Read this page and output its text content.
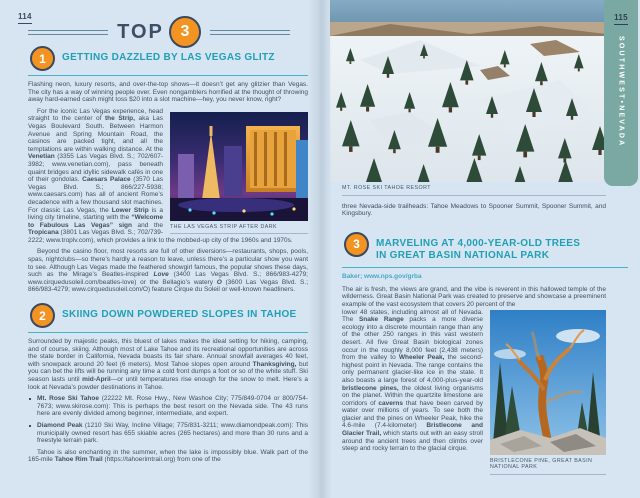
114
TOP	3
1	GETTING DAZZLED BY LAS VEGAS GLITZ
Flashing neon, luxury resorts, and over-the-top shows—it doesn’t get any glitzier than Vegas. The city has a way of winning people over. Even nongamblers horrified at the thought of throwing away hard-earned cash might toss $20 into a slot machine—hey, you never know, right?
THE LAS VEGAS STRIP AFTER DARK
For the iconic Las Vegas experience, head straight to the center of the Strip, aka Las Vegas Boulevard South. Between Harmon Avenue and Spring Mountain Road, the casinos are packed tight, and all the temptations are within walking distance. At the Venetian (3355 Las Vegas Blvd. S.; 702/607-3982; www.venetian.com), pass beneath quaint bridges and idyllic sidewalk cafés in one of their gondolas. Caesars Palace (3570 Las Vegas Blvd. S.; 866/227-5938; www.caesars.com) has all of ancient Rome’s decadence with a few thousand slot machines. For classic Las Vegas, the Lower Strip is a living city timeline, starting with the “Welcome to Fabulous Las Vegas” sign and the Tropicana (3801 Las Vegas Blvd. S.; 702/739-2222; www.troplv.com), which provides a link to the mobbed-up city of the 1960s and 1970s.
Beyond the casino floor, most resorts are full of other diversions—restaurants, shops, pools, spas, nightclubs—so there’s hardly a reason to leave, unless there’s a particular show you want to see. Although Las Vegas made the feathered showgirl famous, the popular shows these days, such as the Mirage’s Beatles-inspired Love (3400 Las Vegas Blvd. S.; 866/983-4279; www.cirquedusoleil.com/beatles-love) or the Bellagio’s watery O (3600 Las Vegas Blvd. S.; 866/983-4279; www.cirquedusoleil.com/O) feature Cirque du Soleil or well-known headliners.
2	SKIING DOWN POWDERED SLOPES IN TAHOE
Surrounded by majestic peaks, this bluest of lakes makes the ideal setting for hiking, camping, and of course, skiing. Although most of Lake Tahoe and its recreational opportunities are across the state border in California, Nevada boasts its fair share. Annual snowfall averages 40 feet, with snowpack around 20 feet (6 meters). Most Tahoe slopes open around Thanksgiving, but you can bet the lifts will be running any time a cold front dumps a foot or so of the white stuff. Ski season lasts until mid-April—or until temperatures rise enough for the snow to melt. Here’s a look at Nevada’s powder destinations in Tahoe.
Mt. Rose Ski Tahoe (22222 Mt. Rose Hwy., New Washoe City; 775/849-0704 or 800/754-7673; www.skirose.com): This is perhaps the best resort on the Nevada side. The 43 runs here are evenly divided among beginner, intermediate, and expert.
Diamond Peak (1210 Ski Way, Incline Village; 775/831-3211; www.diamondpeak.com): This municipally owned resort has 655 skiable acres (265 hectares) and more than 30 runs and a freestyle terrain park.
Tahoe is also enchanting in the summer, when the lake is impossibly blue. Walk part of the 165-mile Tahoe Rim Trail (https://tahoerimtrail.org) from one of the
MT. ROSE SKI TAHOE RESORT
three Nevada-side trailheads: Tahoe Meadows to Spooner Summit, Spooner Summit, and Kingsbury.
3	MARVELING AT 4,000-YEAR-OLD TREES IN GREAT BASIN NATIONAL PARK
Baker; www.nps.gov/grba
The air is fresh, the views are grand, and the vibe is reverent in this hallowed temple of the wilderness. Great Basin National Park was created to preserve and showcase a preeminent example of the vast ecosystem that covers 20 percent of the
BRISTLECONE PINE, GREAT BASIN NATIONAL PARK
lower 48 states, including almost all of Nevada. The Snake Range packs a more diverse ecology into a discrete mountain range than any of the other 250 ranges in this vast western desert. All five Great Basin biological zones occur in the roughly 8,000 feet (2,438 meters) from the valley to Wheeler Peak, the second-highest point in Nevada. The range contains the only permanent glacier-like ice in the state. It also boasts a large forest of 4,000-plus-year-old bristlecone pines, the oldest living organisms on the planet. Within the quartzite limestone are corridors of caverns that have been carved by water over millions of years. To see both the glacier and the pines on Wheeler Peak, hike the 4.6-mile (7.4-kilometer) Bristlecone and Glacier Trail, which starts out with an easy stroll around the ancient trees and then climbs over steep and rocky terrain to the glacial cirque.
115
SOUTHWEST•NEVADA
